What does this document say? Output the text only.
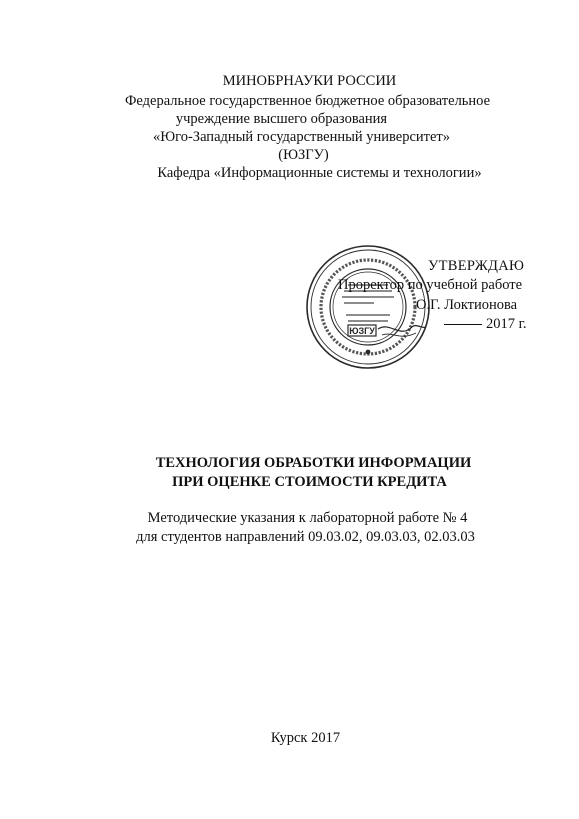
МИНОБРНАУКИ РОССИИ
Федеральное государственное бюджетное образовательное
учреждение высшего образования
«Юго-Западный государственный университет»
(ЮЗГУ)
Кафедра «Информационные системы и технологии»
ЮЗГУ
УТВЕРЖДАЮ
Проректор по учебной работе
О.Г. Локтионова
2017 г.
ТЕХНОЛОГИЯ ОБРАБОТКИ ИНФОРМАЦИИ
ПРИ ОЦЕНКЕ СТОИМОСТИ КРЕДИТА
Методические указания к лабораторной работе № 4
для студентов направлений 09.03.02, 09.03.03, 02.03.03
Курск 2017
